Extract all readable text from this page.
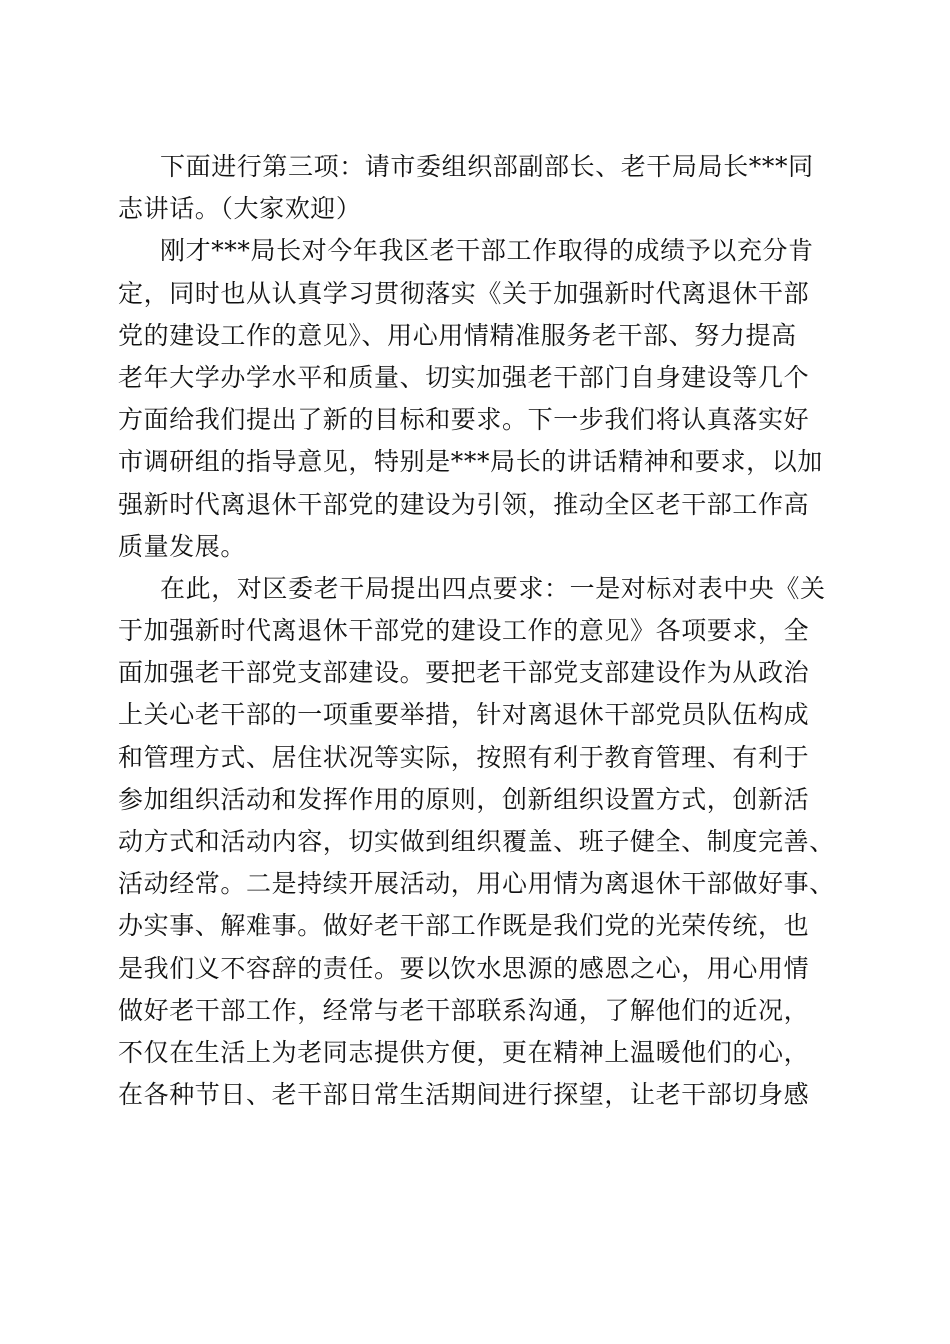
下面进行第三项：请市委组织部副部长、老干局局长***同
志讲话。（大家欢迎）
刚才***局长对今年我区老干部工作取得的成绩予以充分肯
定，同时也从认真学习贯彻落实《关于加强新时代离退休干部
党的建设工作的意见》、用心用情精准服务老干部、努力提高
老年大学办学水平和质量、切实加强老干部门自身建设等几个
方面给我们提出了新的目标和要求。下一步我们将认真落实好
市调研组的指导意见，特别是***局长的讲话精神和要求，以加
强新时代离退休干部党的建设为引领，推动全区老干部工作高
质量发展。
在此，对区委老干局提出四点要求：一是对标对表中央《关
于加强新时代离退休干部党的建设工作的意见》各项要求，全
面加强老干部党支部建设。要把老干部党支部建设作为从政治
上关心老干部的一项重要举措，针对离退休干部党员队伍构成
和管理方式、居住状况等实际，按照有利于教育管理、有利于
参加组织活动和发挥作用的原则，创新组织设置方式，创新活
动方式和活动内容，切实做到组织覆盖、班子健全、制度完善、
活动经常。二是持续开展活动，用心用情为离退休干部做好事、
办实事、解难事。做好老干部工作既是我们党的光荣传统，也
是我们义不容辞的责任。要以饮水思源的感恩之心，用心用情
做好老干部工作，经常与老干部联系沟通，了解他们的近况，
不仅在生活上为老同志提供方便，更在精神上温暖他们的心，
在各种节日、老干部日常生活期间进行探望，让老干部切身感
